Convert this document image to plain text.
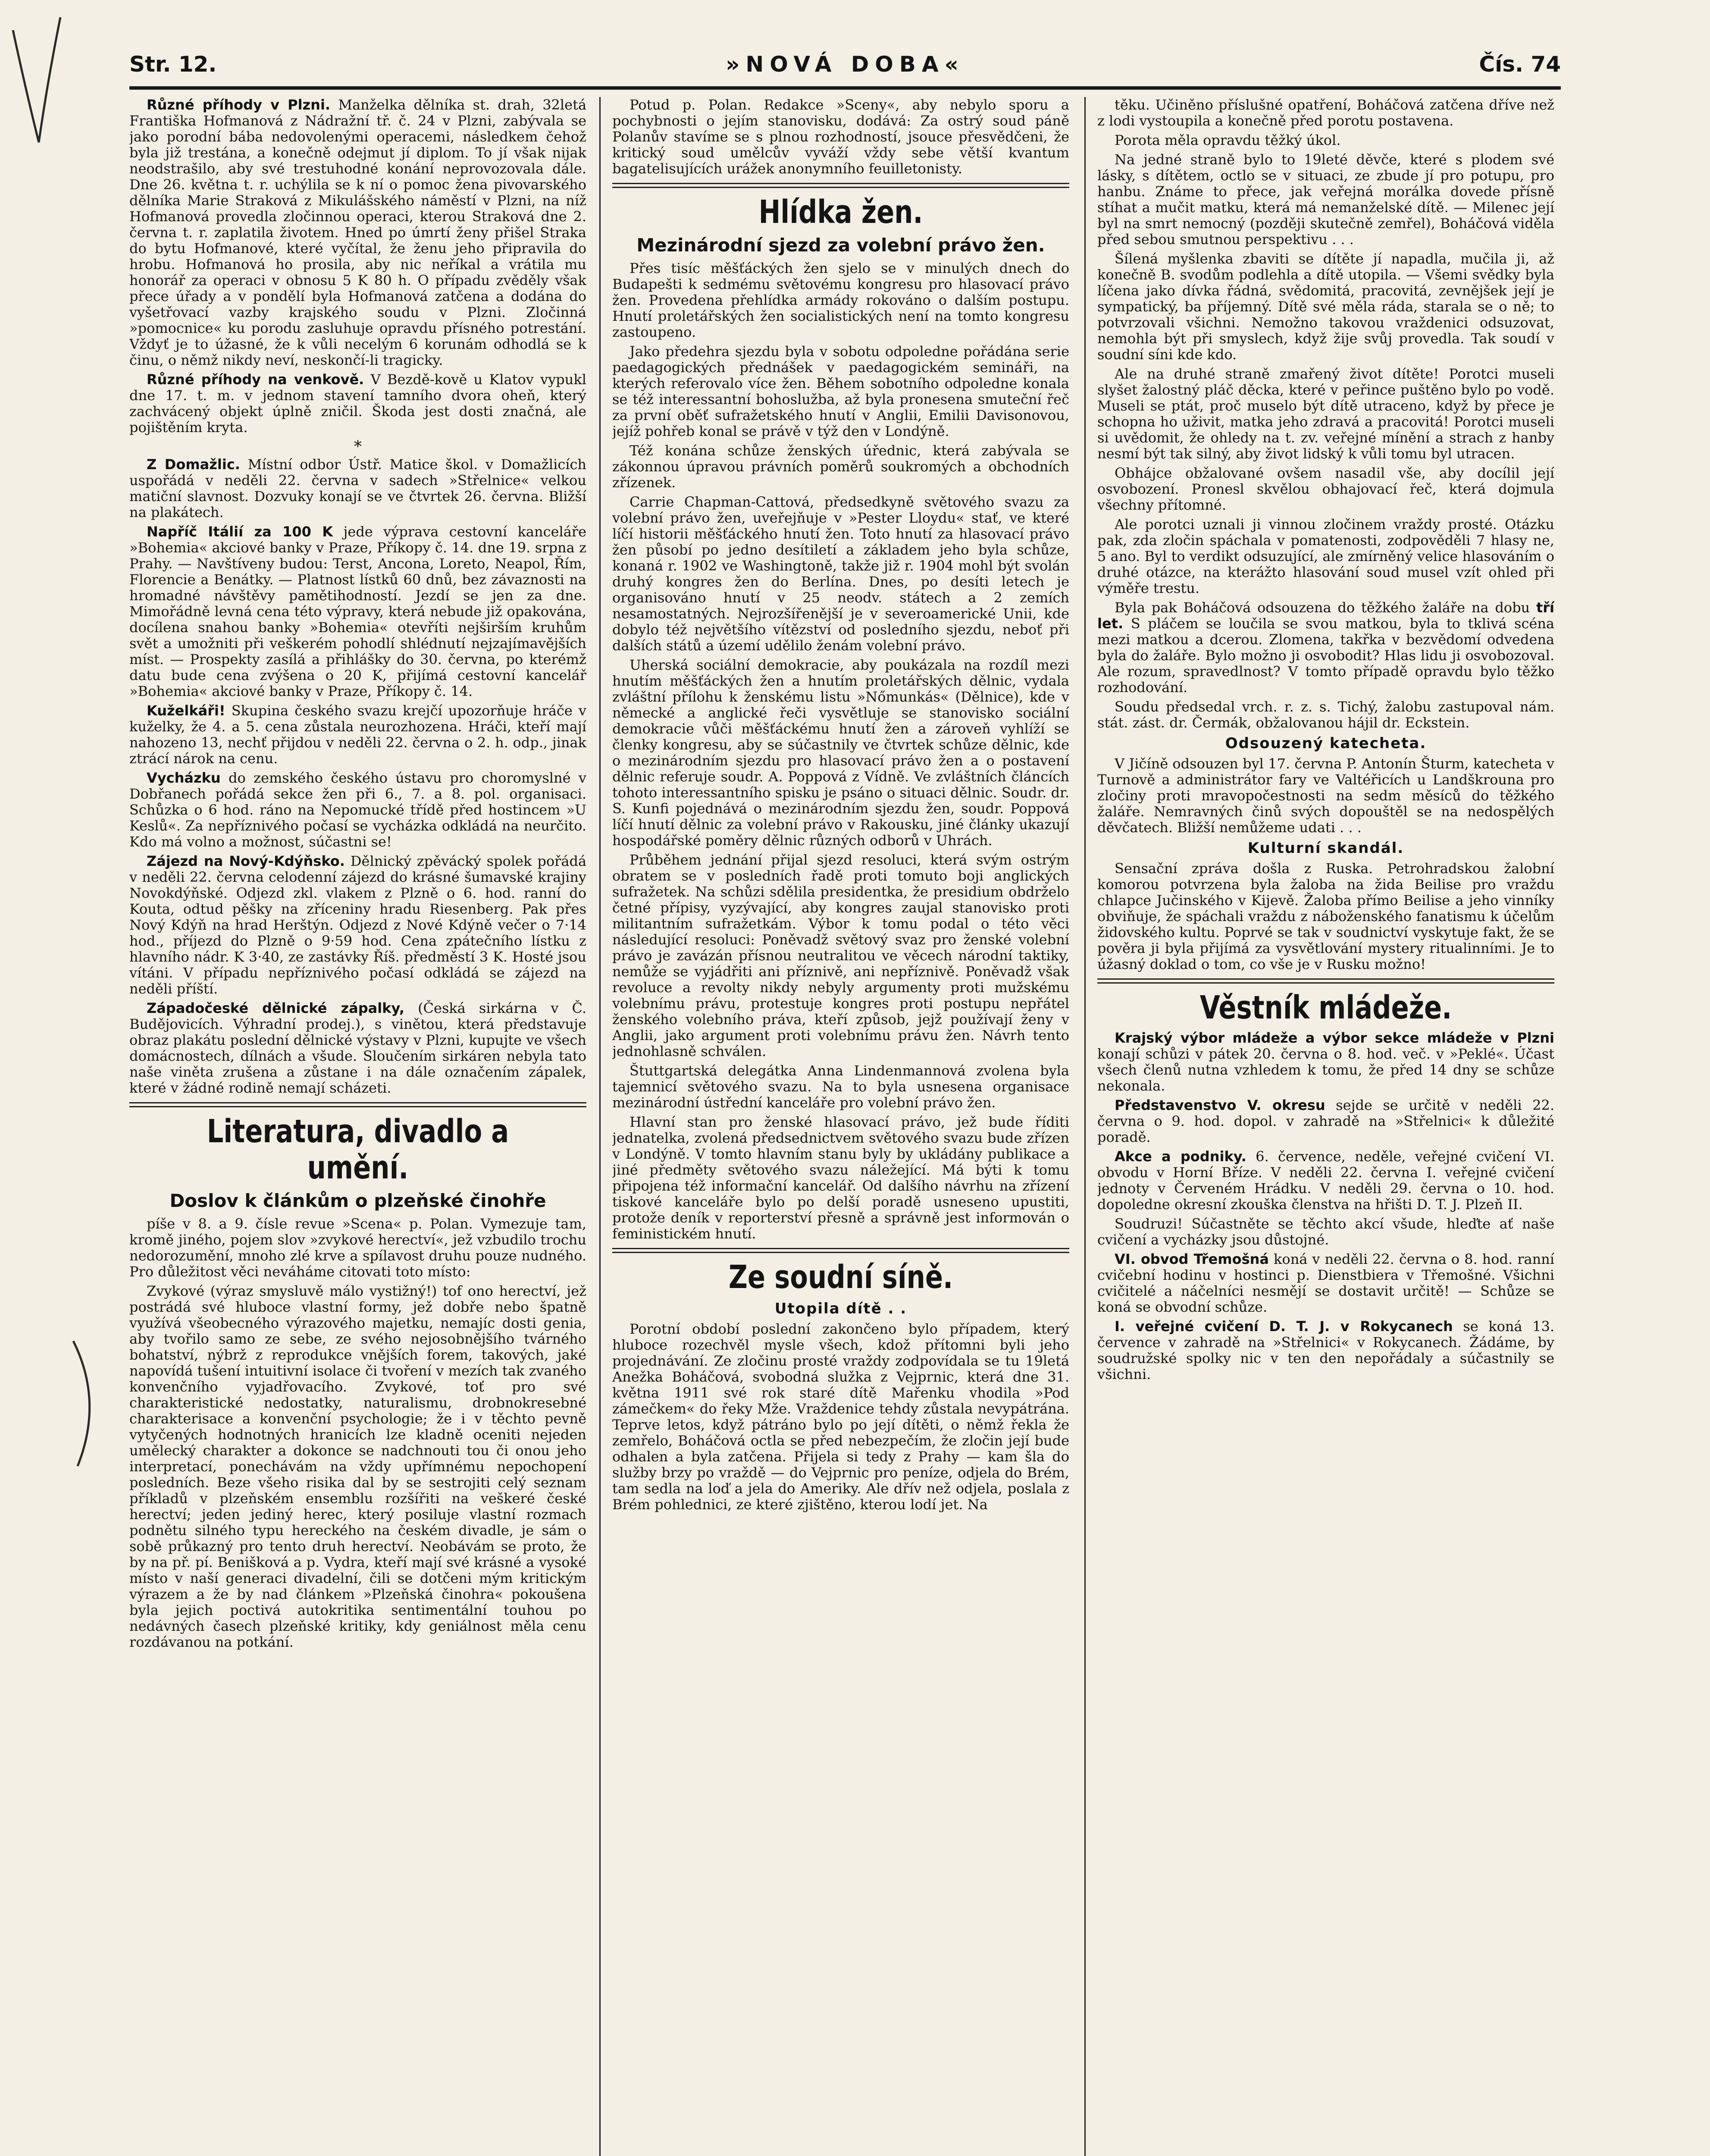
Str. 12.	»NOVÁ DOBA«	Čís. 74

Různé příhody v Plzni. Manželka dělníka st. drah, 32letá Františka Hofmanová z Nádražní tř. č. 24 v Plzni, zabývala se jako porodní bába nedovolenými operacemi, následkem čehož byla již trestána, a konečně odejmut jí diplom. To jí však nijak neodstrašilo, aby své trestuhodné konání neprovozovala dále. Dne 26. května t. r. uchýlila se k ní o pomoc žena pivovarského dělníka Marie Straková z Mikulášského náměstí v Plzni, na níž Hofmanová provedla zločinnou operaci, kterou Straková dne 2. června t. r. zaplatila životem. Hned po úmrtí ženy přišel Straka do bytu Hofmanové, které vyčítal, že ženu jeho připravila do hrobu. Hofmanová ho prosila, aby nic neříkal a vrátila mu honorář za operaci v obnosu 5 K 80 h. O případu zvěděly však přece úřady a v pondělí byla Hofmanová zatčena a dodána do vyšetřovací vazby krajského soudu v Plzni. Zločinná »pomocnice« ku porodu zasluhuje opravdu přísného potrestání. Vždyť je to úžasné, že k vůli necelým 6 korunám odhodlá se k činu, o němž nikdy neví, neskončí-li tragicky.

Různé příhody na venkově. V Bezdě-kově u Klatov vypukl dne 17. t. m. v jednom stavení tamního dvora oheň, který zachvácený objekt úplně zničil. Škoda jest dosti značná, ale pojištěním kryta.

*

Z Domažlic. Místní odbor Ústř. Matice škol. v Domažlicích uspořádá v neděli 22. června v sadech »Střelnice« velkou matiční slavnost. Dozvuky konají se ve čtvrtek 26. června. Bližší na plakátech.

Napříč Itálií za 100 K jede výprava cestovní kanceláře »Bohemia« akciové banky v Praze, Příkopy č. 14. dne 19. srpna z Prahy. — Navštíveny budou: Terst, Ancona, Loreto, Neapol, Řím, Florencie a Benátky. — Platnost lístků 60 dnů, bez závaznosti na hromadné návštěvy pamětihodností. Jezdí se jen za dne. Mimořádně levná cena této výpravy, která nebude již opakována, docílena snahou banky »Bohemia« otevříti nejširším kruhům svět a umožniti při veškerém pohodlí shlédnutí nejzajímavějších míst. — Prospekty zasílá a přihlášky do 30. června, po kterémž datu bude cena zvýšena o 20 K, přijímá cestovní kancelář »Bohemia« akciové banky v Praze, Příkopy č. 14.

Kuželkáři! Skupina českého svazu krejčí upozorňuje hráče v kuželky, že 4. a 5. cena zůstala neurozhozena. Hráči, kteří mají nahozeno 13, nechť přijdou v neděli 22. června o 2. h. odp., jinak ztrácí nárok na cenu.

Vycházku do zemského českého ústavu pro choromyslné v Dobřanech pořádá sekce žen při 6., 7. a 8. pol. organisaci. Schůzka o 6 hod. ráno na Nepomucké třídě před hostincem »U Keslů«. Za nepříznivého počasí se vycházka odkládá na neurčito. Kdo má volno a možnost, súčastni se!

Zájezd na Nový-Kdýňsko. Dělnický zpěvácký spolek pořádá v neděli 22. června celodenní zájezd do krásné šumavské krajiny Novokdýňské. Odjezd zkl. vlakem z Plzně o 6. hod. ranní do Kouta, odtud pěšky na zříceniny hradu Riesenberg. Pak přes Nový Kdýň na hrad Herštýn. Odjezd z Nové Kdýně večer o 7·14 hod., příjezd do Plzně o 9·59 hod. Cena zpátečního lístku z hlavního nádr. K 3·40, ze zastávky Říš. předměstí 3 K. Hosté jsou vítáni. V případu nepříznivého počasí odkládá se zájezd na neděli příští.

Západočeské dělnické zápalky, (Česká sirkárna v Č. Budějovicích. Výhradní prodej.), s vinětou, která představuje obraz plakátu poslední dělnické výstavy v Plzni, kupujte ve všech domácnostech, dílnách a všude. Sloučením sirkáren nebyla tato naše viněta zrušena a zůstane i na dále označením zápalek, které v žádné rodině nemají scházeti.

Literatura, divadlo a umění.
Doslov k článkům o plzeňské činohře

píše v 8. a 9. čísle revue »Scena« p. Polan. Vymezuje tam, kromě jiného, pojem slov »zvykové herectví«, jež vzbudilo trochu nedorozumění, mnoho zlé krve a spílavost druhu pouze nudného. Pro důležitost věci neváháme citovati toto místo:

Zvykové (výraz smysluvě málo vystižný!) tof ono herectví, jež postrádá své hluboce vlastní formy, jež dobře nebo špatně využívá všeobecného výrazového majetku, nemajíc dosti genia, aby tvořilo samo ze sebe, ze svého nejosobnějšího tvárného bohatství, nýbrž z reprodukce vnějších forem, takových, jaké napovídá tušení intuitivní isolace či tvoření v mezích tak zvaného konvenčního vyjadřovacího. Zvykové, toť pro své charakteristické nedostatky, naturalismu, drobnokresebné charakterisace a konvenční psychologie; že i v těchto pevně vytyčených hodnotných hranicích lze kladně oceniti nejeden umělecký charakter a dokonce se nadchnouti tou či onou jeho interpretací, ponechávám na vždy upřímnému nepochopení posledních. Beze všeho risika dal by se sestrojiti celý seznam příkladů v plzeňském ensemblu rozšířiti na veškeré české herectví; jeden jediný herec, který posiluje vlastní rozmach podnětu silného typu hereckého na českém divadle, je sám o sobě průkazný pro tento druh herectví. Neobávám se proto, že by na př. pí. Benišková a p. Vydra, kteří mají své krásné a vysoké místo v naší generaci divadelní, čili se dotčeni mým kritickým výrazem a že by nad článkem »Plzeňská činohra« pokoušena byla jejich poctivá autokritika sentimentální touhou po nedávných časech plzeňské kritiky, kdy geniálnost měla cenu rozdávanou na potkání.

Potud p. Polan. Redakce »Sceny«, aby nebylo sporu a pochybnosti o jejím stanovisku, dodává: Za ostrý soud páně Polanův stavíme se s plnou rozhodností, jsouce přesvědčeni, že kritický soud umělcův vyváží vždy sebe větší kvantum bagatelisujících urážek anonymního feuilletonisty.

Hlídka žen.
Mezinárodní sjezd za volební právo žen.

Přes tisíc měšťáckých žen sjelo se v minulých dnech do Budapešti k sedmému světovému kongresu pro hlasovací právo žen. Provedena přehlídka armády rokováno o dalším postupu. Hnutí proletářských žen socialistických není na tomto kongresu zastoupeno.

Jako předehra sjezdu byla v sobotu odpoledne pořádána serie paedagogických přednášek v paedagogickém semináři, na kterých referovalo více žen. Během sobotního odpoledne konala se též interessantní bohoslužba, až byla pronesena smuteční řeč za první oběť sufražetského hnutí v Anglii, Emilii Davisonovou, jejíž pohřeb konal se právě v týž den v Londýně.

Též konána schůze ženských úřednic, která zabývala se zákonnou úpravou právních poměrů soukromých a obchodních zřízenek.

Carrie Chapman-Cattová, předsedkyně světového svazu za volební právo žen, uveřejňuje v »Pester Lloydu« stať, ve které líčí historii měšťáckého hnutí žen. Toto hnutí za hlasovací právo žen působí po jedno desítiletí a základem jeho byla schůze, konaná r. 1902 ve Washingtoně, takže již r. 1904 mohl být svolán druhý kongres žen do Berlína. Dnes, po desíti letech je organisováno hnutí v 25 neodv. státech a 2 zemích nesamostatných. Nejrozšířenější je v severoamerické Unii, kde dobylo též největšího vítězství od posledního sjezdu, neboť při dalších států a území udělilo ženám volební právo.

Uherská sociální demokracie, aby poukázala na rozdíl mezi hnutím měšťáckých žen a hnutím proletářských dělnic, vydala zvláštní přílohu k ženskému listu »Nőmunkás« (Dělnice), kde v německé a anglické řeči vysvětluje se stanovisko sociální demokracie vůči měšťáckému hnutí žen a zároveň vyhlíží se členky kongresu, aby se súčastnily ve čtvrtek schůze dělnic, kde o mezinárodním sjezdu pro hlasovací právo žen a o postavení dělnic referuje soudr. A. Poppová z Vídně. Ve zvláštních článcích tohoto interessantního spisku je psáno o situaci dělnic. Soudr. dr. S. Kunfi pojednává o mezinárodním sjezdu žen, soudr. Poppová líčí hnutí dělnic za volební právo v Rakousku, jiné články ukazují hospodářské poměry dělnic různých odborů v Uhrách.

Průběhem jednání přijal sjezd resoluci, která svým ostrým obratem se v posledních řadě proti tomuto boji anglických sufražetek. Na schůzi sdělila presidentka, že presidium obdrželo četné přípisy, vyzývající, aby kongres zaujal stanovisko proti militantním sufražetkám. Výbor k tomu podal o této věci následující resoluci: Poněvadž světový svaz pro ženské volební právo je zavázán přísnou neutralitou ve věcech národní taktiky, nemůže se vyjádřiti ani příznivě, ani nepříznivě. Poněvadž však revoluce a revolty nikdy nebyly argumenty proti mužskému volebnímu právu, protestuje kongres proti postupu nepřátel ženského volebního práva, kteří způsob, jejž používají ženy v Anglii, jako argument proti volebnímu právu žen. Návrh tento jednohlasně schválen.

Štuttgartská delegátka Anna Lindenmannová zvolena byla tajemnicí světového svazu. Na to byla usnesena organisace mezinárodní ústřední kanceláře pro volební právo žen.

Hlavní stan pro ženské hlasovací právo, jež bude říditi jednatelka, zvolená předsednictvem světového svazu bude zřízen v Londýně. V tomto hlavním stanu byly by ukládány publikace a jiné předměty světového svazu náležející. Má býti k tomu připojena též informační kancelář. Od dalšího návrhu na zřízení tiskové kanceláře bylo po delší poradě usneseno upustiti, protože deník v reporterství přesně a správně jest informován o feministickém hnutí.

Ze soudní síně.
Utopila dítě . .

Porotní období poslední zakončeno bylo případem, který hluboce rozechvěl mysle všech, kdož přítomni byli jeho projednávání. Ze zločinu prosté vraždy zodpovídala se tu 19letá Anežka Boháčová, svobodná služka z Vejprnic, která dne 31. května 1911 své rok staré dítě Mařenku vhodila »Pod zámečkem« do řeky Mže. Vraždenice tehdy zůstala nevypátrána. Teprve letos, když pátráno bylo po její dítěti, o němž řekla že zemřelo, Boháčová octla se před nebezpečím, že zločin její bude odhalen a byla zatčena. Přijela si tedy z Prahy — kam šla do služby brzy po vraždě — do Vejprnic pro peníze, odjela do Brém, tam sedla na loď a jela do Ameriky. Ale dřív než odjela, poslala z Brém pohlednici, ze které zjištěno, kterou lodí jet. Na

těku. Učiněno příslušné opatření, Boháčová zatčena dříve než z lodi vystoupila a konečně před porotu postavena.

Porota měla opravdu těžký úkol.

Na jedné straně bylo to 19leté děvče, které s plodem své lásky, s dítětem, octlo se v situaci, ze zbude jí pro potupu, pro hanbu. Známe to přece, jak veřejná morálka dovede přísně stíhat a mučit matku, která má nemanželské dítě. — Milenec její byl na smrt nemocný (později skutečně zemřel), Boháčová viděla před sebou smutnou perspektivu . . .

Šílená myšlenka zbaviti se dítěte jí napadla, mučila ji, až konečně B. svodům podlehla a dítě utopila. — Všemi svědky byla líčena jako dívka řádná, svědomitá, pracovitá, zevnějšek její je sympatický, ba příjemný. Dítě své měla ráda, starala se o ně; to potvrzovali všichni. Nemožno takovou vraždenici odsuzovat, nemohla být při smyslech, když žije svůj provedla. Tak soudí v soudní síni kde kdo.

Ale na druhé straně zmařený život dítěte! Porotci museli slyšet žalostný pláč děcka, které v peřince puštěno bylo po vodě. Museli se ptát, proč muselo být dítě utraceno, když by přece je schopna ho uživit, matka jeho zdravá a pracovitá! Porotci museli si uvědomit, že ohledy na t. zv. veřejné mínění a strach z hanby nesmí být tak silný, aby život lidský k vůli tomu byl utracen.

Obhájce obžalované ovšem nasadil vše, aby docílil její osvobození. Pronesl skvělou obhajovací řeč, která dojmula všechny přítomné.

Ale porotci uznali ji vinnou zločinem vraždy prosté. Otázku pak, zda zločin spáchala v pomatenosti, zodpověděli 7 hlasy ne, 5 ano. Byl to verdikt odsuzující, ale zmírněný velice hlasováním o druhé otázce, na kterážto hlasování soud musel vzít ohled při výměře trestu.

Byla pak Boháčová odsouzena do těžkého žaláře na dobu tří let. S pláčem se loučila se svou matkou, byla to tklivá scéna mezi matkou a dcerou. Zlomena, takřka v bezvědomí odvedena byla do žaláře. Bylo možno ji osvobodit? Hlas lidu ji osvobozoval. Ale rozum, spravedlnost? V tomto případě opravdu bylo těžko rozhodování.

Soudu předsedal vrch. r. z. s. Tichý, žalobu zastupoval nám. stát. zást. dr. Čermák, obžalovanou hájil dr. Eckstein.

Odsouzený katecheta.

V Jičíně odsouzen byl 17. června P. Antonín Šturm, katecheta v Turnově a administrátor fary ve Valtéřicích u Landškrouna pro zločiny proti mravopočestnosti na sedm měsíců do těžkého žaláře. Nemravných činů svých dopouštěl se na nedospělých děvčatech. Bližší nemůžeme udati . . .

Kulturní skandál.

Sensační zpráva došla z Ruska. Petrohradskou žalobní komorou potvrzena byla žaloba na žida Beilise pro vraždu chlapce Jučinského v Kijevě. Žaloba přímo Beilise a jeho vinníky obviňuje, že spáchali vraždu z náboženského fanatismu k účelům židovského kultu. Poprvé se tak v soudnictví vyskytuje fakt, že se pověra ji byla přijímá za vysvětlování mystery ritualinními. Je to úžasný doklad o tom, co vše je v Rusku možno!

Věstník mládeže.

Krajský výbor mládeže a výbor sekce mládeže v Plzni konají schůzi v pátek 20. června o 8. hod. več. v »Peklé«. Účast všech členů nutna vzhledem k tomu, že před 14 dny se schůze nekonala.

Představenstvo V. okresu sejde se určitě v neděli 22. června o 9. hod. dopol. v zahradě na »Střelnici« k důležité poradě.

Akce a podniky. 6. července, neděle, veřejné cvičení VI. obvodu v Horní Bříze. V neděli 22. června I. veřejné cvičení jednoty v Červeném Hrádku. V neděli 29. června o 10. hod. dopoledne okresní zkouška členstva na hřišti D. T. J. Plzeň II.

Soudruzi! Súčastněte se těchto akcí všude, hleďte ať naše cvičení a vycházky jsou důstojné.

VI. obvod Třemošná koná v neděli 22. června o 8. hod. ranní cvičební hodinu v hostinci p. Dienstbiera v Třemošné. Všichni cvičitelé a náčelníci nesmějí se dostavit určitě! — Schůze se koná se obvodní schůze.

I. veřejné cvičení D. T. J. v Rokycanech se koná 13. července v zahradě na »Střelnici« v Rokycanech. Žádáme, by soudružské spolky nic v ten den nepořádaly a súčastnily se všichni.
